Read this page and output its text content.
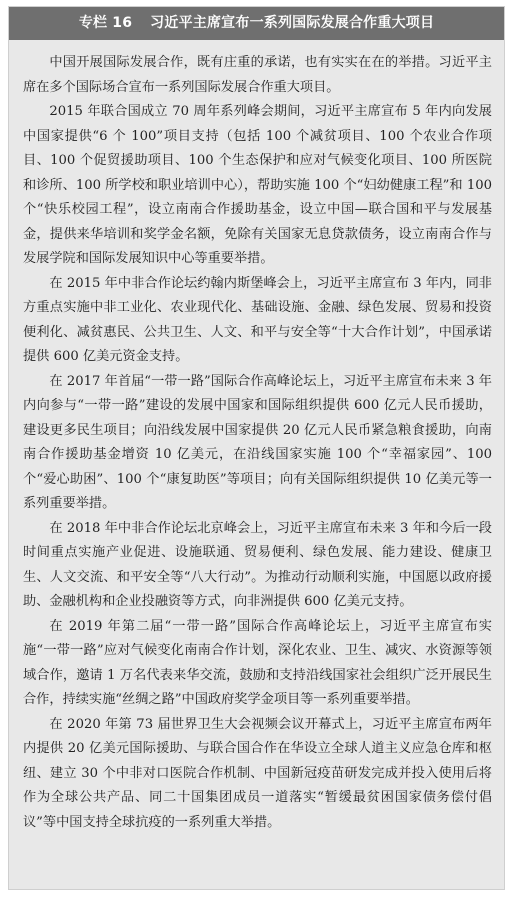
专栏 16 习近平主席宣布一系列国际发展合作重大项目

中国开展国际发展合作，既有庄重的承诺，也有实实在在的举措。习近平主席在多个国际场合宣布一系列国际发展合作重大项目。

2015 年联合国成立 70 周年系列峰会期间，习近平主席宣布 5 年内向发展中国家提供“6 个 100”项目支持（包括 100 个减贫项目、100 个农业合作项目、100 个促贸援助项目、100 个生态保护和应对气候变化项目、100 所医院和诊所、100 所学校和职业培训中心），帮助实施 100 个“妇幼健康工程”和 100 个“快乐校园工程”，设立南南合作援助基金，设立中国—联合国和平与发展基金，提供来华培训和奖学金名额，免除有关国家无息贷款债务，设立南南合作与发展学院和国际发展知识中心等重要举措。

在 2015 年中非合作论坛约翰内斯堡峰会上，习近平主席宣布 3 年内，同非方重点实施中非工业化、农业现代化、基础设施、金融、绿色发展、贸易和投资便利化、减贫惠民、公共卫生、人文、和平与安全等“十大合作计划”，中国承诺提供 600 亿美元资金支持。

在 2017 年首届“一带一路”国际合作高峰论坛上，习近平主席宣布未来 3 年内向参与“一带一路”建设的发展中国家和国际组织提供 600 亿元人民币援助，建设更多民生项目；向沿线发展中国家提供 20 亿元人民币紧急粮食援助，向南南合作援助基金增资 10 亿美元，在沿线国家实施 100 个“幸福家园”、100 个“爱心助困”、100 个“康复助医”等项目；向有关国际组织提供 10 亿美元等一系列重要举措。

在 2018 年中非合作论坛北京峰会上，习近平主席宣布未来 3 年和今后一段时间重点实施产业促进、设施联通、贸易便利、绿色发展、能力建设、健康卫生、人文交流、和平安全等“八大行动”。为推动行动顺利实施，中国愿以政府援助、金融机构和企业投融资等方式，向非洲提供 600 亿美元支持。

在 2019 年第二届“一带一路”国际合作高峰论坛上，习近平主席宣布实施“一带一路”应对气候变化南南合作计划，深化农业、卫生、减灾、水资源等领域合作，邀请 1 万名代表来华交流，鼓励和支持沿线国家社会组织广泛开展民生合作，持续实施“丝绸之路”中国政府奖学金项目等一系列重要举措。

在 2020 年第 73 届世界卫生大会视频会议开幕式上，习近平主席宣布两年内提供 20 亿美元国际援助、与联合国合作在华设立全球人道主义应急仓库和枢纽、建立 30 个中非对口医院合作机制、中国新冠疫苗研发完成并投入使用后将作为全球公共产品、同二十国集团成员一道落实“暂缓最贫困国家债务偿付倡议”等中国支持全球抗疫的一系列重大举措。
